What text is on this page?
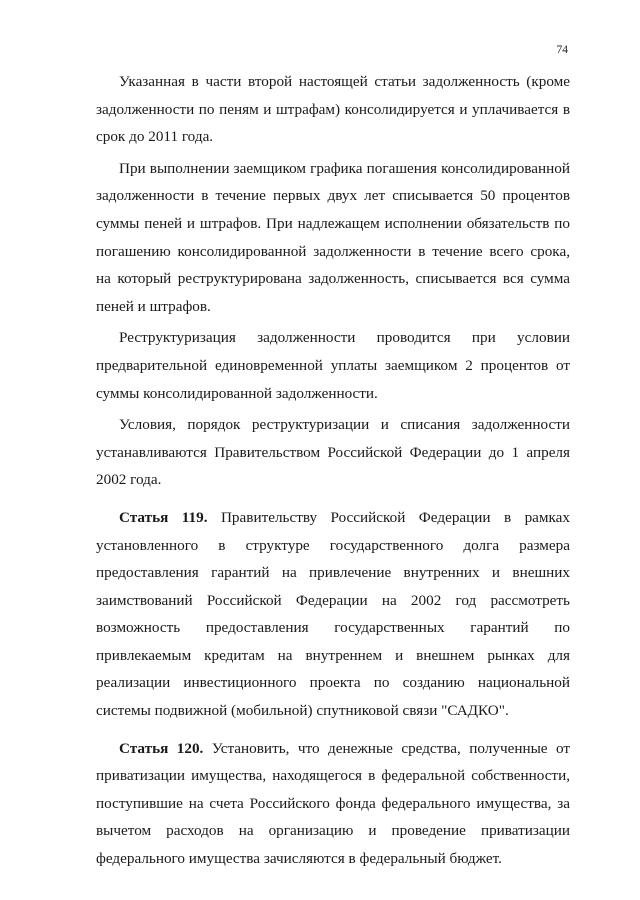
74

Указанная в части второй настоящей статьи задолженность (кроме задолженности по пеням и штрафам) консолидируется и уплачивается в срок до 2011 года.

При выполнении заемщиком графика погашения консолидированной задолженности в течение первых двух лет списывается 50 процентов суммы пеней и штрафов. При надлежащем исполнении обязательств по погашению консолидированной задолженности в течение всего срока, на который реструктурирована задолженность, списывается вся сумма пеней и штрафов.

Реструктуризация задолженности проводится при условии предварительной единовременной уплаты заемщиком 2 процентов от суммы консолидированной задолженности.

Условия, порядок реструктуризации и списания задолженности устанавливаются Правительством Российской Федерации до 1 апреля 2002 года.

Статья 119. Правительству Российской Федерации в рамках установленного в структуре государственного долга размера предоставления гарантий на привлечение внутренних и внешних заимствований Российской Федерации на 2002 год рассмотреть возможность предоставления государственных гарантий по привлекаемым кредитам на внутреннем и внешнем рынках для реализации инвестиционного проекта по созданию национальной системы подвижной (мобильной) спутниковой связи "САДКО".

Статья 120. Установить, что денежные средства, полученные от приватизации имущества, находящегося в федеральной собственности, поступившие на счета Российского фонда федерального имущества, за вычетом расходов на организацию и проведение приватизации федерального имущества зачисляются в федеральный бюджет.
